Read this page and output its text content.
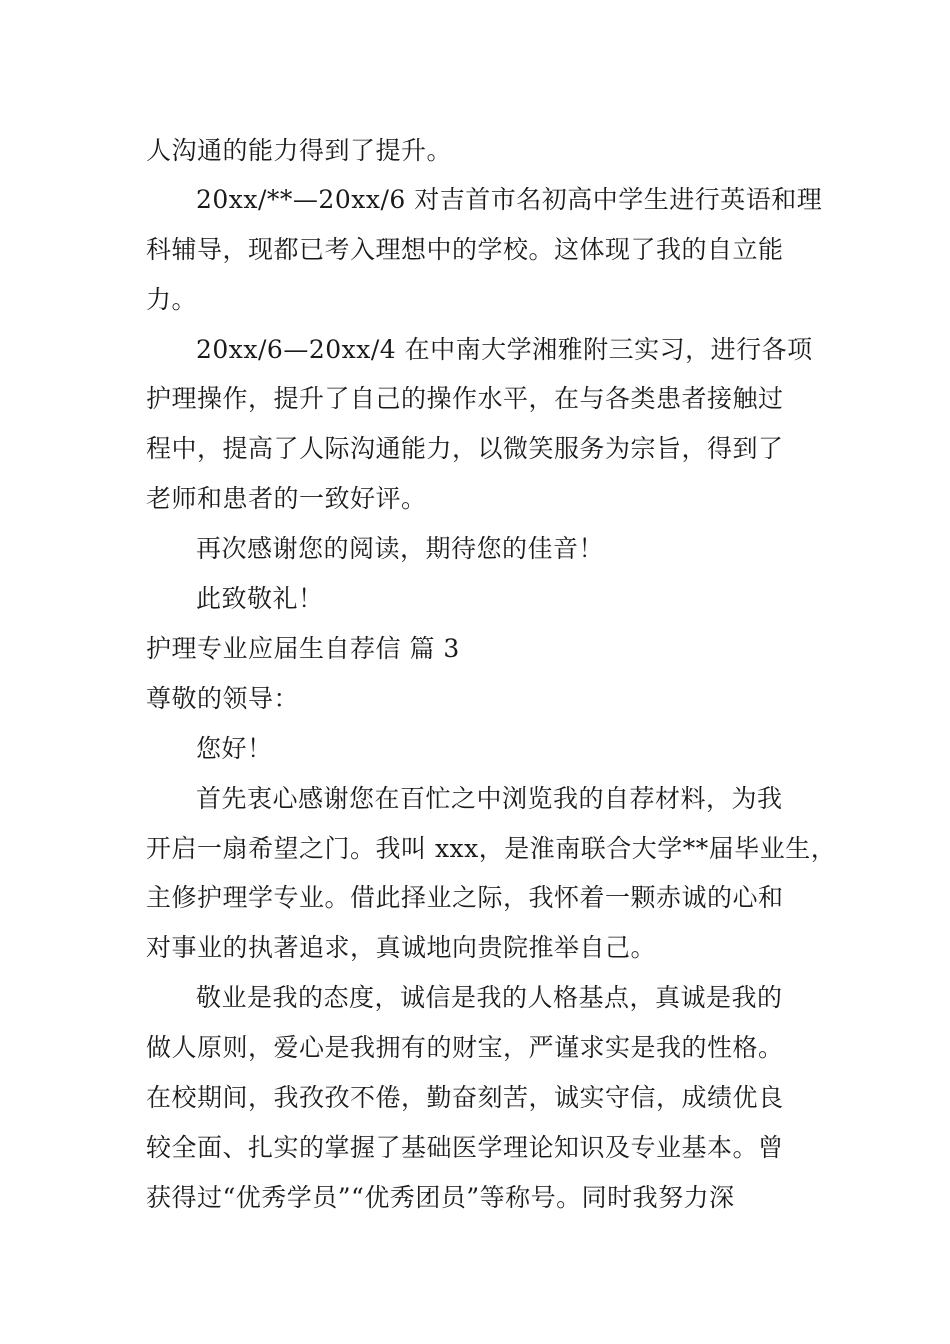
人沟通的能力得到了提升。
20xx/**—20xx/6 对吉首市名初高中学生进行英语和理
科辅导，现都已考入理想中的学校。这体现了我的自立能
力。
20xx/6—20xx/4 在中南大学湘雅附三实习，进行各项
护理操作，提升了自己的操作水平，在与各类患者接触过
程中，提高了人际沟通能力，以微笑服务为宗旨，得到了
老师和患者的一致好评。
再次感谢您的阅读，期待您的佳音！
此致敬礼！
护理专业应届生自荐信 篇 3
尊敬的领导：
您好！
首先衷心感谢您在百忙之中浏览我的自荐材料，为我
开启一扇希望之门。我叫 xxx，是淮南联合大学**届毕业生，
主修护理学专业。借此择业之际，我怀着一颗赤诚的心和
对事业的执著追求，真诚地向贵院推举自己。
敬业是我的态度，诚信是我的人格基点，真诚是我的
做人原则，爱心是我拥有的财宝，严谨求实是我的性格。
在校期间，我孜孜不倦，勤奋刻苦，诚实守信，成绩优良
较全面、扎实的掌握了基础医学理论知识及专业基本。曾
获得过“优秀学员”“优秀团员”等称号。同时我努力深
